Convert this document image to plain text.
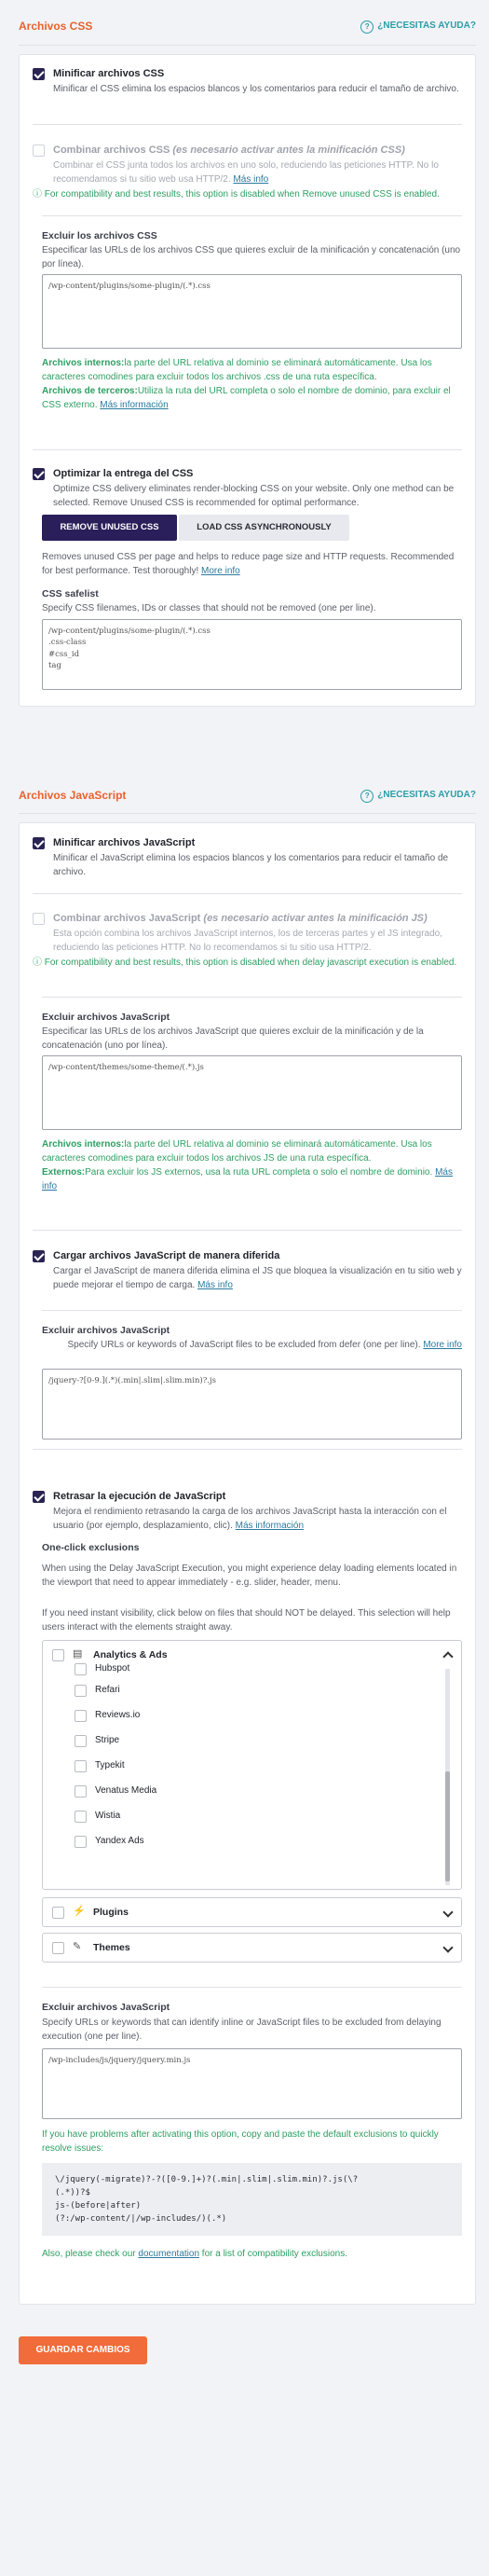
Archivos CSS	? ¿NECESITAS AYUDA?
Minificar archivos CSS
Minificar el CSS elimina los espacios blancos y los comentarios para reducir el tamaño de archivo.
Combinar archivos CSS (es necesario activar antes la minificación CSS)
Combinar el CSS junta todos los archivos en uno solo, reduciendo las peticiones HTTP. No lo recomendamos si tu sitio web usa HTTP/2. Más info
ⓘ For compatibility and best results, this option is disabled when Remove unused CSS is enabled.
Excluir los archivos CSS
Especificar las URLs de los archivos CSS que quieres excluir de la minificación y concatenación (uno por línea).
/wp-content/plugins/some-plugin/(.*).css
Archivos internos:la parte del URL relativa al dominio se eliminará automáticamente. Usa los caracteres comodines para excluir todos los archivos .css de una ruta específica.
Archivos de terceros:Utiliza la ruta del URL completa o solo el nombre de dominio, para excluir el CSS externo. Más información
Optimizar la entrega del CSS
Optimize CSS delivery eliminates render-blocking CSS on your website. Only one method can be selected. Remove Unused CSS is recommended for optimal performance.
REMOVE UNUSED CSS	LOAD CSS ASYNCHRONOUSLY
Removes unused CSS per page and helps to reduce page size and HTTP requests. Recommended for best performance. Test thoroughly! More info
CSS safelist
Specify CSS filenames, IDs or classes that should not be removed (one per line).
/wp-content/plugins/some-plugin/(.*).css
.css-class
#css_id
tag
Archivos JavaScript	? ¿NECESITAS AYUDA?
Minificar archivos JavaScript
Minificar el JavaScript elimina los espacios blancos y los comentarios para reducir el tamaño de archivo.
Combinar archivos JavaScript (es necesario activar antes la minificación JS)
Esta opción combina los archivos JavaScript internos, los de terceras partes y el JS integrado, reduciendo las peticiones HTTP. No lo recomendamos si tu sitio usa HTTP/2.
ⓘ For compatibility and best results, this option is disabled when delay javascript execution is enabled.
Excluir archivos JavaScript
Especificar las URLs de los archivos JavaScript que quieres excluir de la minificación y de la concatenación (uno por línea).
/wp-content/themes/some-theme/(.*).js
Archivos internos:la parte del URL relativa al dominio se eliminará automáticamente. Usa los caracteres comodines para excluir todos los archivos JS de una ruta específica.
Externos:Para excluir los JS externos, usa la ruta URL completa o solo el nombre de dominio. Más info
Cargar archivos JavaScript de manera diferida
Cargar el JavaScript de manera diferida elimina el JS que bloquea la visualización en tu sitio web y puede mejorar el tiempo de carga. Más info
Excluir archivos JavaScript
Specify URLs or keywords of JavaScript files to be excluded from defer (one per line). More info
/jquery-?[0-9.](.*)(.min|.slim|.slim.min)?.js
Retrasar la ejecución de JavaScript
Mejora el rendimiento retrasando la carga de los archivos JavaScript hasta la interacción con el usuario (por ejemplo, desplazamiento, clic). Más información
One-click exclusions
When using the Delay JavaScript Execution, you might experience delay loading elements located in the viewport that need to appear immediately - e.g. slider, header, menu.
If you need instant visibility, click below on files that should NOT be delayed. This selection will help users interact with the elements straight away.
▤ Analytics & Ads
Hubspot
Refari
Reviews.io
Stripe
Typekit
Venatus Media
Wistia
Yandex Ads
⚡ Plugins
✎ Themes
Excluir archivos JavaScript
Specify URLs or keywords that can identify inline or JavaScript files to be excluded from delaying execution (one per line).
/wp-includes/js/jquery/jquery.min.js
If you have problems after activating this option, copy and paste the default exclusions to quickly resolve issues:
\/jquery(-migrate)?-?([0-9.]+)?(.min|.slim|.slim.min)?.js(\?
(.*))?$
js-(before|after)
(?:/wp-content/|/wp-includes/)(.*)
Also, please check our documentation for a list of compatibility exclusions.
GUARDAR CAMBIOS
